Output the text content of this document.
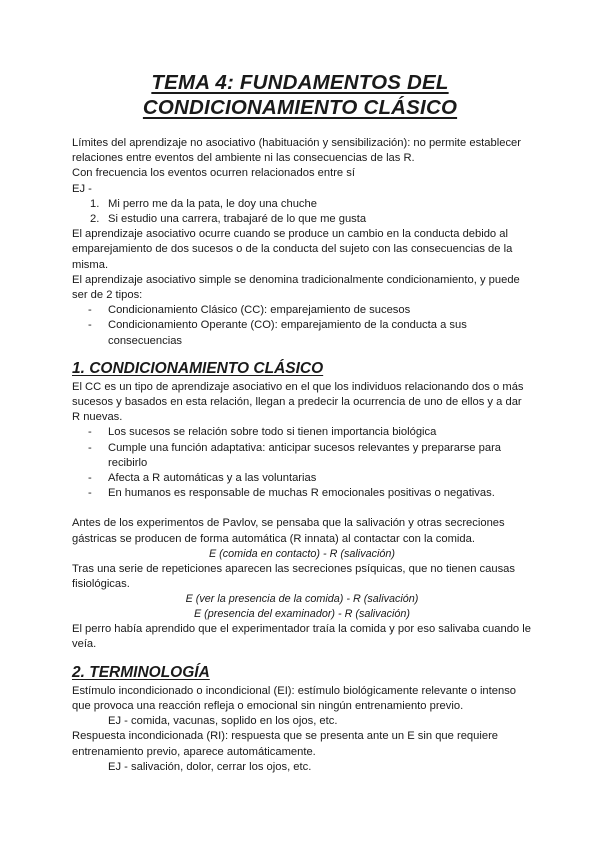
TEMA 4: FUNDAMENTOS DEL
CONDICIONAMIENTO CLÁSICO

Límites del aprendizaje no asociativo (habituación y sensibilización): no permite establecer relaciones entre eventos del ambiente ni las consecuencias de las R.

Con frecuencia los eventos ocurren relacionados entre sí

EJ -

1. Mi perro me da la pata, le doy una chuche
2. Si estudio una carrera, trabajaré de lo que me gusta

El aprendizaje asociativo ocurre cuando se produce un cambio en la conducta debido al emparejamiento de dos sucesos o de la conducta del sujeto con las consecuencias de la misma.

El aprendizaje asociativo simple se denomina tradicionalmente condicionamiento, y puede ser de 2 tipos:

- Condicionamiento Clásico (CC): emparejamiento de sucesos
- Condicionamiento Operante (CO): emparejamiento de la conducta a sus consecuencias
1. CONDICIONAMIENTO CLÁSICO

El CC es un tipo de aprendizaje asociativo en el que los individuos relacionando dos o más sucesos y basados en esta relación, llegan a predecir la ocurrencia de uno de ellos y a dar R nuevas.

- Los sucesos se relación sobre todo si tienen importancia biológica
- Cumple una función adaptativa: anticipar sucesos relevantes y prepararse para recibirlo
- Afecta a R automáticas y a las voluntarias
- En humanos es responsable de muchas R emocionales positivas o negativas.

Antes de los experimentos de Pavlov, se pensaba que la salivación y otras secreciones gástricas se producen de forma automática (R innata) al contactar con la comida.

E (comida en contacto) - R (salivación)

Tras una serie de repeticiones aparecen las secreciones psíquicas, que no tienen causas fisiológicas.

E (ver la presencia de la comida) - R (salivación)

E (presencia del examinador) - R (salivación)

El perro había aprendido que el experimentador traía la comida y por eso salivaba cuando le veía.

2. TERMINOLOGÍA

Estímulo incondicionado o incondicional (EI): estímulo biológicamente relevante o intenso que provoca una reacción refleja o emocional sin ningún entrenamiento previo.

EJ - comida, vacunas, soplido en los ojos, etc.

Respuesta incondicionada (RI): respuesta que se presenta ante un E sin que requiere entrenamiento previo, aparece automáticamente.

EJ - salivación, dolor, cerrar los ojos, etc.
